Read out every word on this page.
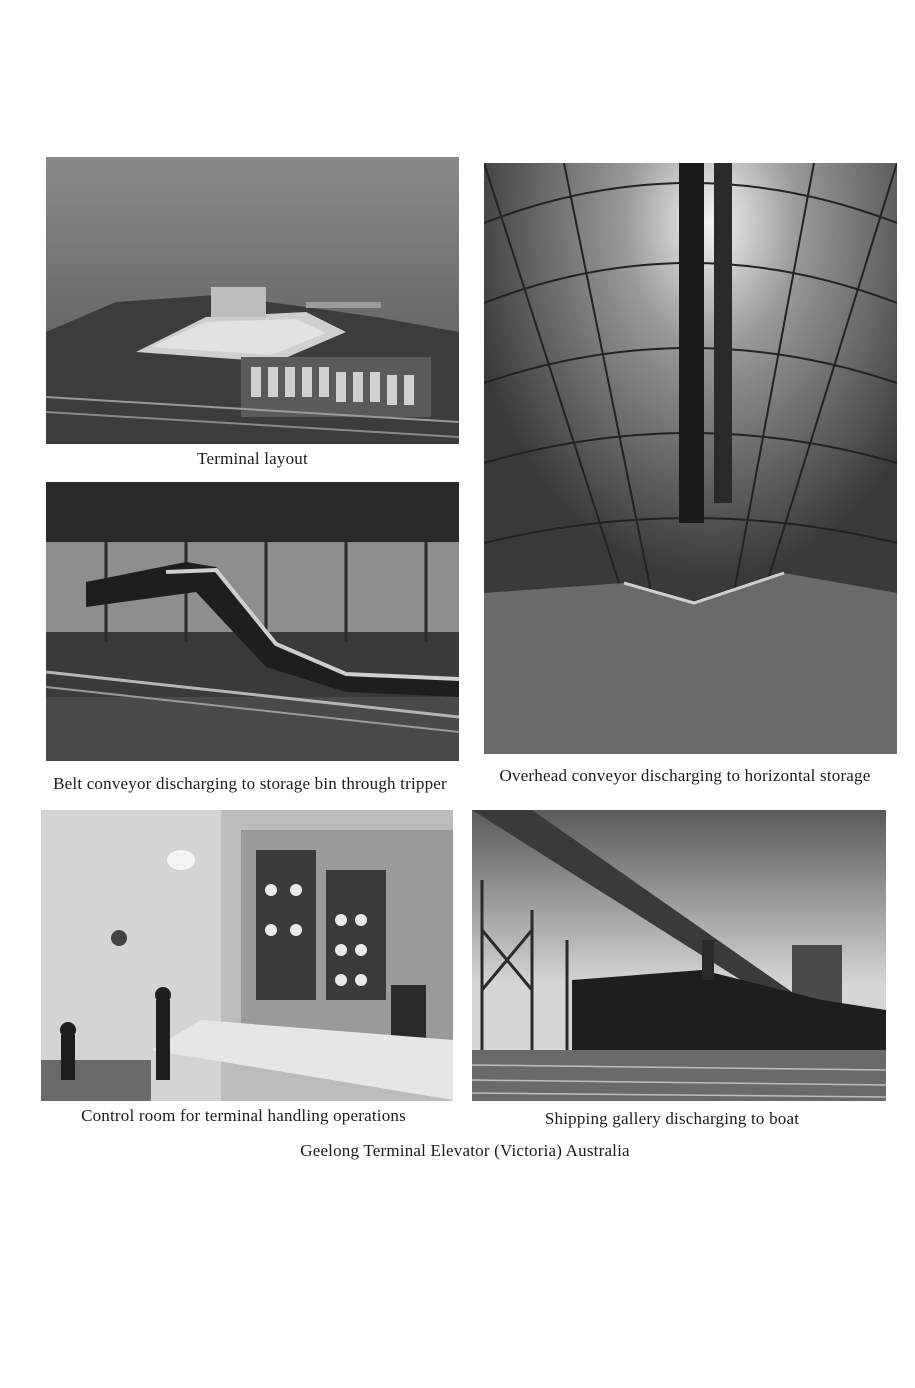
Terminal layout
Belt conveyor discharging to storage bin through tripper	Overhead conveyor discharging to horizontal storage
Control room for terminal handling operations	Shipping gallery discharging to boat
Geelong Terminal Elevator (Victoria) Australia
